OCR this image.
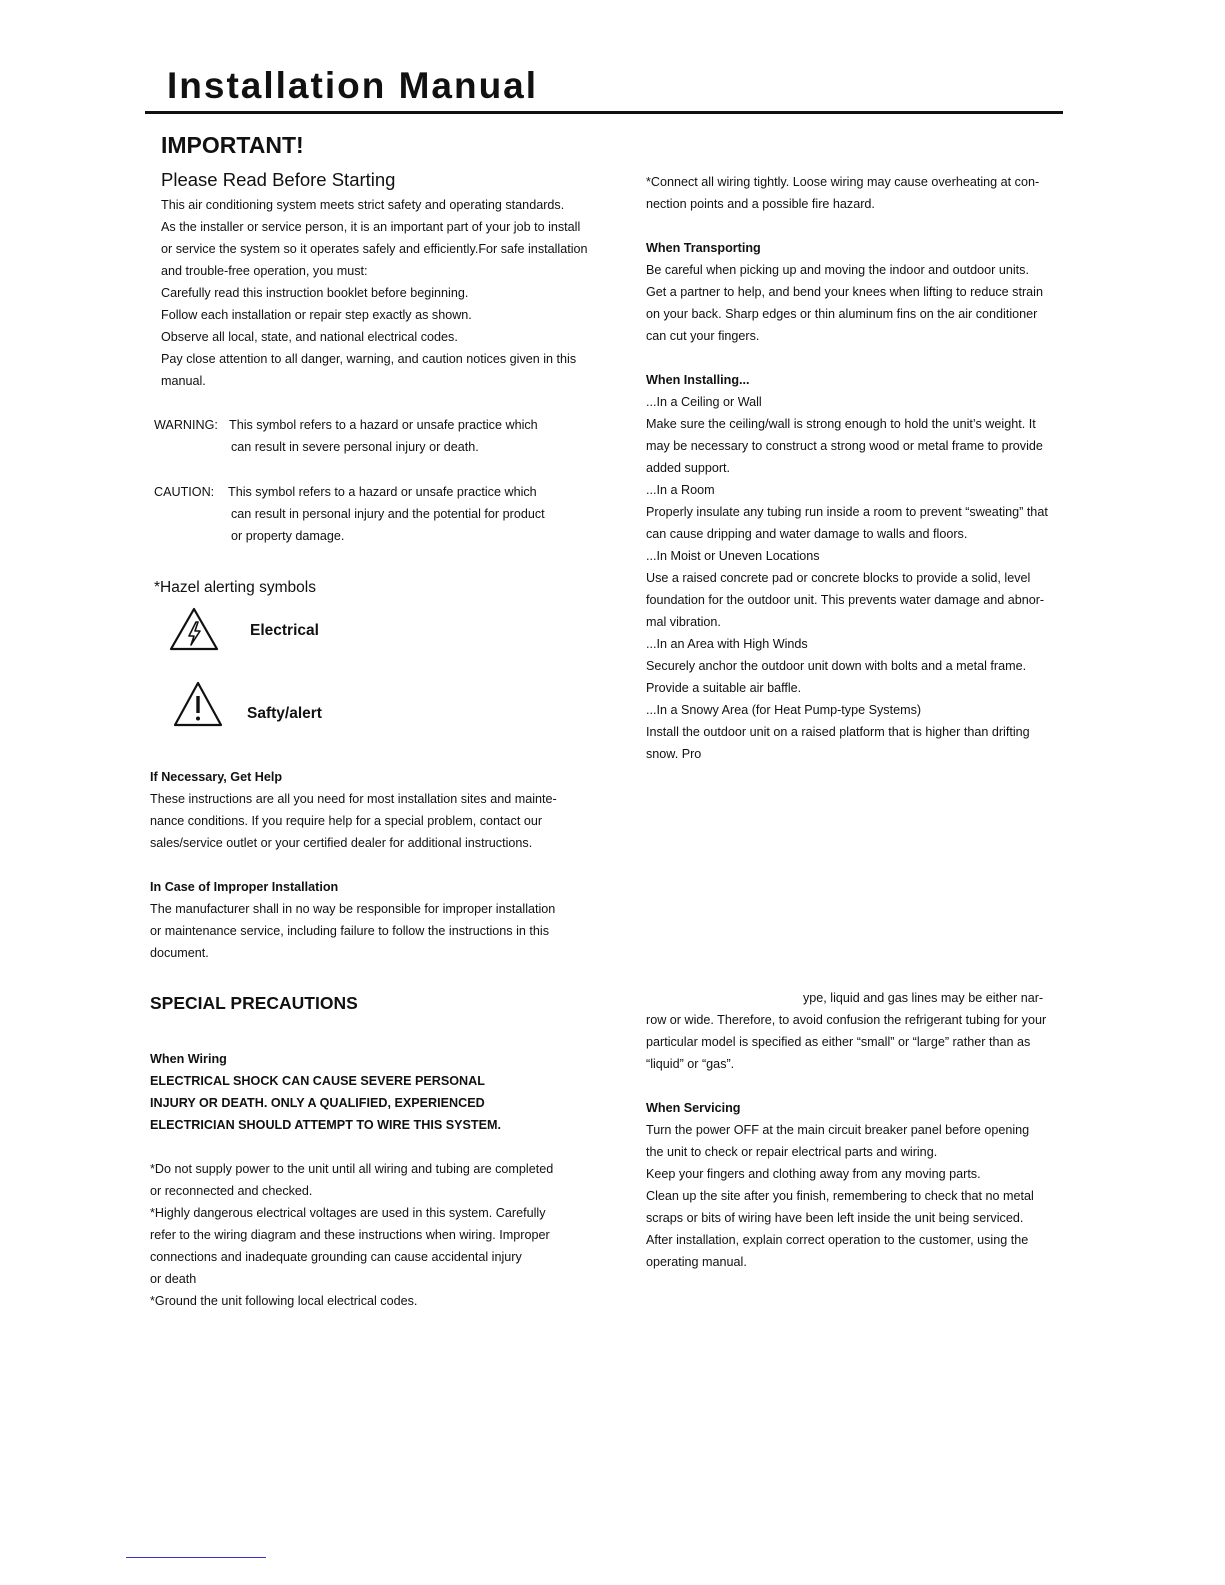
Installation Manual
IMPORTANT!
Please Read Before Starting
This air conditioning system meets strict safety and operating standards.
As the installer or service person, it is an important part of your job to install
or service the system so it operates safely and efficiently.For safe installation
and trouble-free operation, you must:
Carefully read this instruction booklet before beginning.
Follow each installation or repair step exactly as shown.
Observe all local, state, and national electrical codes.
Pay close attention to all danger, warning, and caution notices given in this
manual.
WARNING: This symbol refers to a hazard or unsafe practice which
can result in severe personal injury or death.
CAUTION: This symbol refers to a hazard or unsafe practice which
can result in personal injury and the potential for product
or property damage.
*Hazel alerting symbols
Electrical
Safty/alert
If Necessary, Get Help
These instructions are all you need for most installation sites and mainte-
nance conditions. If you require help for a special problem, contact our
sales/service outlet or your certified dealer for additional instructions.
In Case of Improper Installation
The manufacturer shall in no way be responsible for improper installation
or maintenance service, including failure to follow the instructions in this
document.
SPECIAL PRECAUTIONS
When Wiring
ELECTRICAL SHOCK CAN CAUSE SEVERE PERSONAL
INJURY OR DEATH. ONLY A QUALIFIED, EXPERIENCED
ELECTRICIAN SHOULD ATTEMPT TO WIRE THIS SYSTEM.
*Do not supply power to the unit until all wiring and tubing are completed
or reconnected and checked.
*Highly dangerous electrical voltages are used in this system. Carefully
refer to the wiring diagram and these instructions when wiring. Improper
connections and inadequate grounding can cause accidental injury
or death
*Ground the unit following local electrical codes.
*Connect all wiring tightly. Loose wiring may cause overheating at con-
nection points and a possible fire hazard.
When Transporting
Be careful when picking up and moving the indoor and outdoor units.
Get a partner to help, and bend your knees when lifting to reduce strain
on your back. Sharp edges or thin aluminum fins on the air conditioner
can cut your fingers.
When Installing...
...In a Ceiling or Wall
Make sure the ceiling/wall is strong enough to hold the unit’s weight. It
may be necessary to construct a strong wood or metal frame to provide
added support.
...In a Room
Properly insulate any tubing run inside a room to prevent “sweating” that
can cause dripping and water damage to walls and floors.
...In Moist or Uneven Locations
Use a raised concrete pad or concrete blocks to provide a solid, level
foundation for the outdoor unit. This prevents water damage and abnor-
mal vibration.
...In an Area with High Winds
Securely anchor the outdoor unit down with bolts and a metal frame.
Provide a suitable air baffle.
...In a Snowy Area (for Heat Pump-type Systems)
Install the outdoor unit on a raised platform that is higher than drifting
snow. Pro
ype, liquid and gas lines may be either nar-
row or wide. Therefore, to avoid confusion the refrigerant tubing for your
particular model is specified as either “small” or “large” rather than as
“liquid” or “gas”.
When Servicing
Turn the power OFF at the main circuit breaker panel before opening
the unit to check or repair electrical parts and wiring.
Keep your fingers and clothing away from any moving parts.
Clean up the site after you finish, remembering to check that no metal
scraps or bits of wiring have been left inside the unit being serviced.
After installation, explain correct operation to the customer, using the
operating manual.
